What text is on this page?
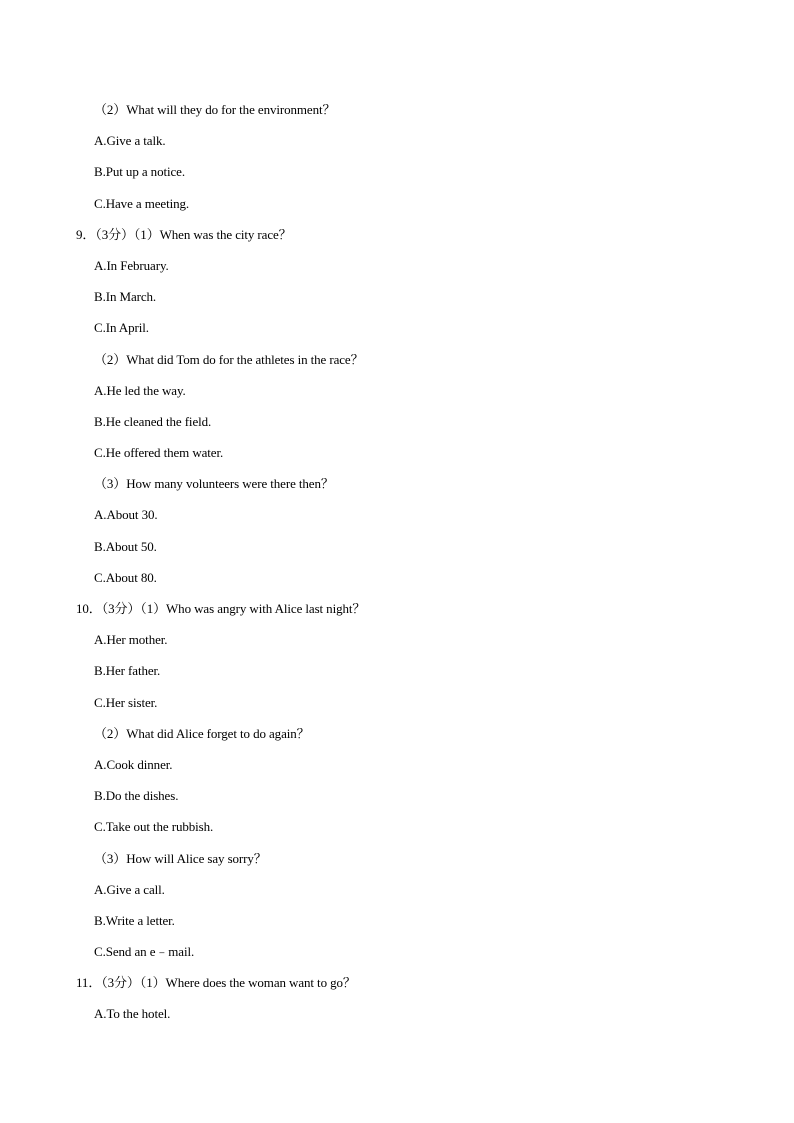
（2）What will they do for the environment？
A.Give a talk.
B.Put up a notice.
C.Have a meeting.
9．（3分）（1）When was the city race？
A.In February.
B.In March.
C.In April.
（2）What did Tom do for the athletes in the race？
A.He led the way.
B.He cleaned the field.
C.He offered them water.
（3）How many volunteers were there then？
A.About 30.
B.About 50.
C.About 80.
10．（3分）（1）Who was angry with Alice last night？
A.Her mother.
B.Her father.
C.Her sister.
（2）What did Alice forget to do again？
A.Cook dinner.
B.Do the dishes.
C.Take out the rubbish.
（3）How will Alice say sorry？
A.Give a call.
B.Write a letter.
C.Send an e﹣mail.
11．（3分）（1）Where does the woman want to go？
A.To the hotel.
